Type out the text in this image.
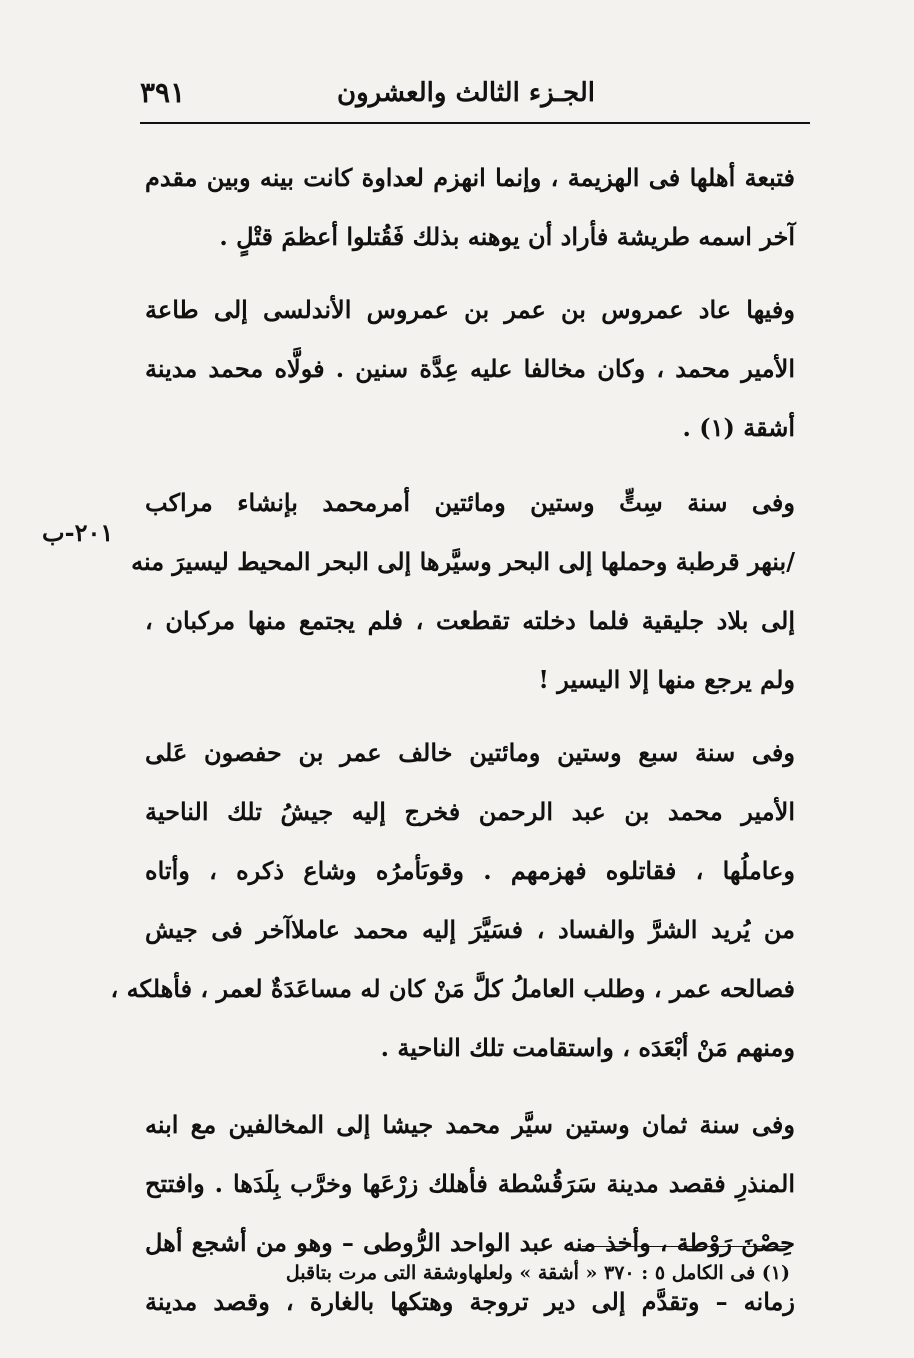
الجـزء الثالث والعشرون
٣٩١
٢٠١-ب
فتبعة أهلها فى الهزيمة ، وإنما انهزم لعداوة كانت بينه وبين مقدم
آخر اسمه طريشة فأراد أن يوهنه بذلك فَقُتلوا أعظمَ قتْلٍ .
وفيها عاد عمروس بن عمر بن عمروس الأندلسى إلى طاعة
الأمير محمد ، وكان مخالفا عليه عِدَّة سنين . فولَّاه محمد مدينة
أشقة (١) .
وفى سنة سِتٍّ وستين ومائتين أمرمحمد بإنشاء مراكب
/بنهر قرطبة وحملها إلى البحر وسيَّرها إلى البحر المحيط ليسيرَ منه
إلى بلاد جليقية فلما دخلته تقطعت ، فلم يجتمع منها مركبان ،
ولم يرجع منها إلا اليسير !
وفى سنة سبع وستين ومائتين خالف عمر بن حفصون عَلى
الأمير محمد بن عبد الرحمن فخرج إليه جيشُ تلك الناحية
وعاملُها ، فقاتلوه فهزمهم . وقوىَأمرُه وشاع ذكره ، وأتاه
من يُريد الشرَّ والفساد ، فسَيَّرَ إليه محمد عاملاآخر فى جيش
فصالحه عمر ، وطلب العاملُ كلَّ مَنْ كان له مساعَدَةٌ لعمر ، فأهلكه ،
ومنهم مَنْ أبْعَدَه ، واستقامت تلك الناحية .
وفى سنة ثمان وستين سيَّر محمد جيشا إلى المخالفين مع ابنه
المنذرِ فقصد مدينة سَرَقُسْطة فأهلك زرْعَها وخرَّب بِلَدَها . وافتتح
حِصْنَ رَوْطة ، وأخذ منه عبد الواحد الرُّوطى – وهو من أشجع أهل
زمانه – وتقدَّم إلى دير تروجة وهتكها بالغارة ، وقصد مدينة
(١) فى الكامل ٥ : ٣٧٠ « أشقة » ولعلهاوشقة التى مرت بتاقبل
